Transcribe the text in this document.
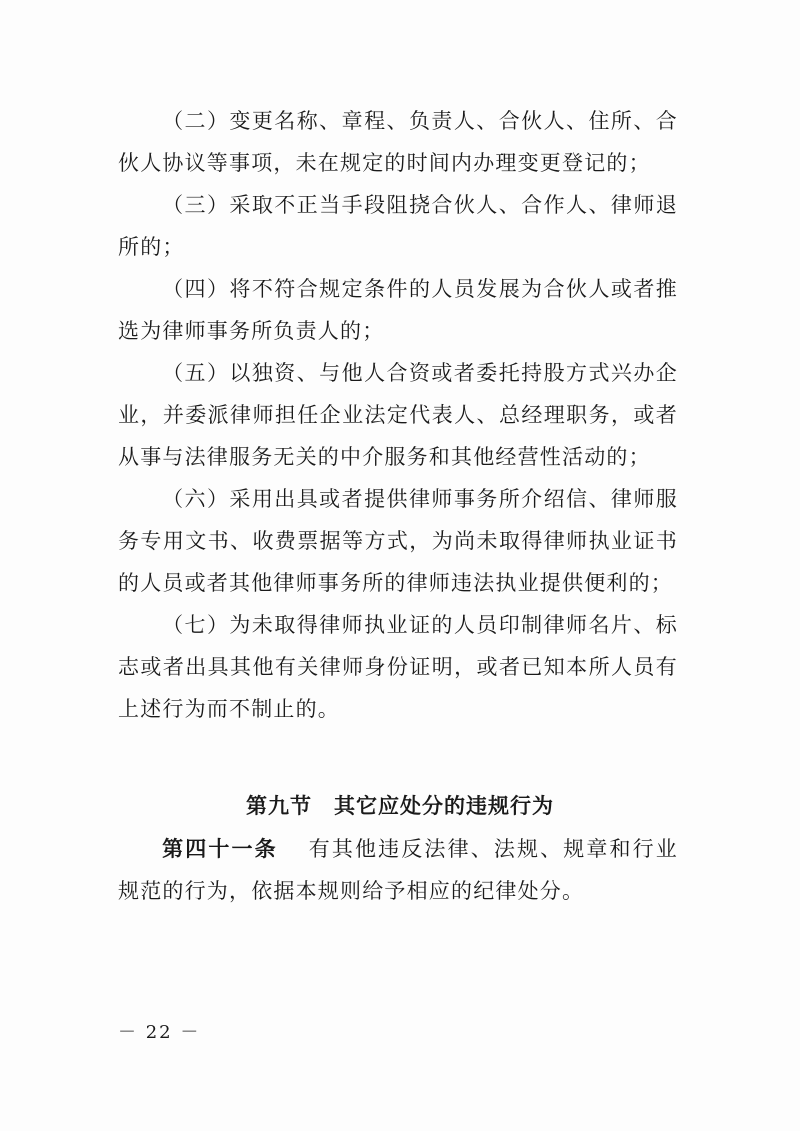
（二）变更名称、章程、负责人、合伙人、住所、合伙人协议等事项，未在规定的时间内办理变更登记的；

（三）采取不正当手段阻挠合伙人、合作人、律师退所的；

（四）将不符合规定条件的人员发展为合伙人或者推选为律师事务所负责人的；

（五）以独资、与他人合资或者委托持股方式兴办企业，并委派律师担任企业法定代表人、总经理职务，或者从事与法律服务无关的中介服务和其他经营性活动的；

（六）采用出具或者提供律师事务所介绍信、律师服务专用文书、收费票据等方式，为尚未取得律师执业证书的人员或者其他律师事务所的律师违法执业提供便利的；

（七）为未取得律师执业证的人员印制律师名片、标志或者出具其他有关律师身份证明，或者已知本所人员有上述行为而不制止的。

第九节 其它应处分的违规行为

第四十一条 有其他违反法律、法规、规章和行业规范的行为，依据本规则给予相应的纪律处分。

－ 22 －
